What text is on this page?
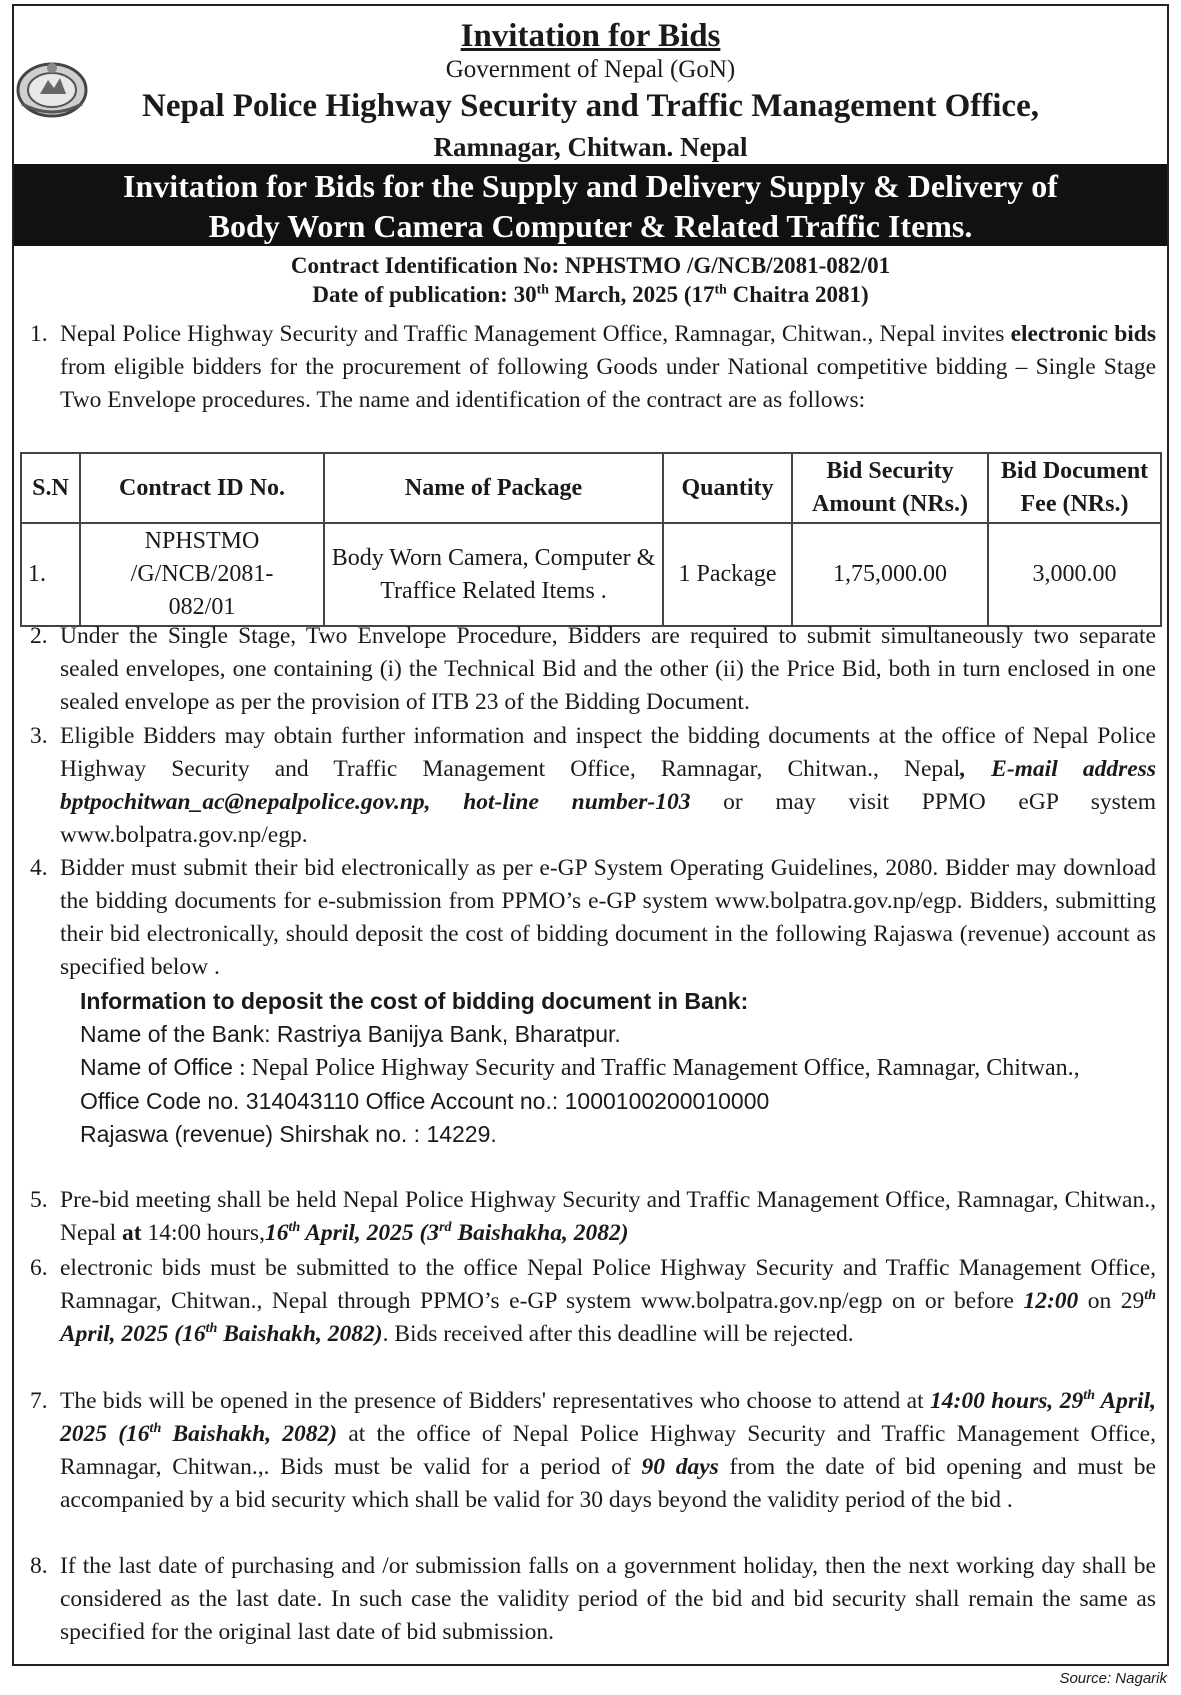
Invitation for Bids
Government of Nepal (GoN)
Nepal Police Highway Security and Traffic Management Office,
Ramnagar, Chitwan. Nepal
Invitation for Bids for the Supply and Delivery Supply & Delivery of
Body Worn Camera Computer & Related Traffic Items.
Contract Identification No: NPHSTMO /G/NCB/2081-082/01
Date of publication: 30th March, 2025 (17th Chaitra 2081)
1. Nepal Police Highway Security and Traffic Management Office, Ramnagar, Chitwan., Nepal invites electronic bids from eligible bidders for the procurement of following Goods under National competitive bidding – Single Stage Two Envelope procedures. The name and identification of the contract are as follows:
S.N	Contract ID No.	Name of Package	Quantity	Bid Security Amount (NRs.)	Bid Document Fee (NRs.)
1.	NPHSTMO /G/NCB/2081-082/01	Body Worn Camera, Computer & Traffice Related Items .	1 Package	1,75,000.00	3,000.00
2. Under the Single Stage, Two Envelope Procedure, Bidders are required to submit simultaneously two separate sealed envelopes, one containing (i) the Technical Bid and the other (ii) the Price Bid, both in turn enclosed in one sealed envelope as per the provision of ITB 23 of the Bidding Document.
3. Eligible Bidders may obtain further information and inspect the bidding documents at the office of Nepal Police Highway Security and Traffic Management Office, Ramnagar, Chitwan., Nepal, E-mail address bptpochitwan_ac@nepalpolice.gov.np, hot-line number-103 or may visit PPMO eGP system www.bolpatra.gov.np/egp.
4. Bidder must submit their bid electronically as per e-GP System Operating Guidelines, 2080. Bidder may download the bidding documents for e-submission from PPMO’s e-GP system www.bolpatra.gov.np/egp. Bidders, submitting their bid electronically, should deposit the cost of bidding document in the following Rajaswa (revenue) account as specified below .
Information to deposit the cost of bidding document in Bank:
Name of the Bank: Rastriya Banijya Bank, Bharatpur.
Name of Office : Nepal Police Highway Security and Traffic Management Office, Ramnagar, Chitwan.,
Office Code no. 314043110 Office Account no.: 1000100200010000
Rajaswa (revenue) Shirshak no. : 14229.
5. Pre-bid meeting shall be held Nepal Police Highway Security and Traffic Management Office, Ramnagar, Chitwan., Nepal at 14:00 hours,16th April, 2025 (3rd Baishakha, 2082)
6. electronic bids must be submitted to the office Nepal Police Highway Security and Traffic Management Office, Ramnagar, Chitwan., Nepal through PPMO’s e-GP system www.bolpatra.gov.np/egp on or before 12:00 on 29th April, 2025 (16th Baishakh, 2082). Bids received after this deadline will be rejected.
7. The bids will be opened in the presence of Bidders' representatives who choose to attend at 14:00 hours, 29th April, 2025 (16th Baishakh, 2082) at the office of Nepal Police Highway Security and Traffic Management Office, Ramnagar, Chitwan.,. Bids must be valid for a period of 90 days from the date of bid opening and must be accompanied by a bid security which shall be valid for 30 days beyond the validity period of the bid .
8. If the last date of purchasing and /or submission falls on a government holiday, then the next working day shall be considered as the last date. In such case the validity period of the bid and bid security shall remain the same as specified for the original last date of bid submission.
Source: Nagarik
